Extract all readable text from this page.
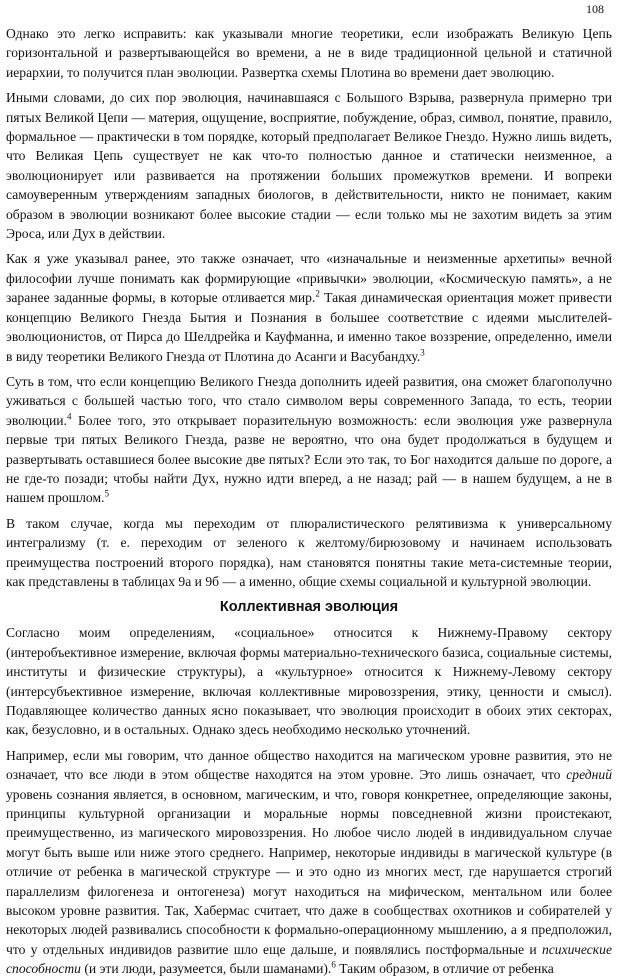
108

Однако это легко исправить: как указывали многие теоретики, если изображать Великую Цепь горизонтальной и развертывающейся во времени, а не в виде традиционной цельной и статичной иерархии, то получится план эволюции. Развертка схемы Плотина во времени дает эволюцию.

Иными словами, до сих пор эволюция, начинавшаяся с Большого Взрыва, развернула примерно три пятых Великой Цепи — материя, ощущение, восприятие, побуждение, образ, символ, понятие, правило, формальное — практически в том порядке, который предполагает Великое Гнездо. Нужно лишь видеть, что Великая Цепь существует не как что-то полностью данное и статически неизменное, а эволюционирует или развивается на протяжении больших промежутков времени. И вопреки самоуверенным утверждениям западных биологов, в действительности, никто не понимает, каким образом в эволюции возникают более высокие стадии — если только мы не захотим видеть за этим Эроса, или Дух в действии.

Как я уже указывал ранее, это также означает, что «изначальные и неизменные архетипы» вечной философии лучше понимать как формирующие «привычки» эволюции, «Космическую память», а не заранее заданные формы, в которые отливается мир.$^2$ Такая динамическая ориентация может привести концепцию Великого Гнезда Бытия и Познания в большее соответствие с идеями мыслителей-эволюционистов, от Пирса до Шелдрейка и Кауфманна, и именно такое воззрение, определенно, имели в виду теоретики Великого Гнезда от Плотина до Асанги и Васубандху.$^3$

Суть в том, что если концепцию Великого Гнезда дополнить идеей развития, она сможет благополучно уживаться с большей частью того, что стало символом веры современного Запада, то есть, теории эволюции.$^4$ Более того, это открывает поразительную возможность: если эволюция уже развернула первые три пятых Великого Гнезда, разве не вероятно, что она будет продолжаться в будущем и развертывать оставшиеся более высокие две пятых? Если это так, то Бог находится дальше по дороге, а не где-то позади; чтобы найти Дух, нужно идти вперед, а не назад; рай — в нашем будущем, а не в нашем прошлом.$^5$

В таком случае, когда мы переходим от плюралистического релятивизма к универсальному интегрализму (т. е. переходим от зеленого к желтому/бирюзовому и начинаем использовать преимущества построений второго порядка), нам становятся понятны такие мета-системные теории, как представлены в таблицах 9а и 9б — а именно, общие схемы социальной и культурной эволюции.

Коллективная эволюция

Согласно моим определениям, «социальное» относится к Нижнему-Правому сектору (интеробъективное измерение, включая формы материально-технического базиса, социальные системы, институты и физические структуры), а «культурное» относится к Нижнему-Левому сектору (интерсубъективное измерение, включая коллективные мировоззрения, этику, ценности и смысл). Подавляющее количество данных ясно показывает, что эволюция происходит в обоих этих секторах, как, безусловно, и в остальных. Однако здесь необходимо несколько уточнений.

Например, если мы говорим, что данное общество находится на магическом уровне развития, это не означает, что все люди в этом обществе находятся на этом уровне. Это лишь означает, что средний уровень сознания является, в основном, магическим, и что, говоря конкретнее, определяющие законы, принципы культурной организации и моральные нормы повседневной жизни проистекают, преимущественно, из магического мировоззрения. Но любое число людей в индивидуальном случае могут быть выше или ниже этого среднего. Например, некоторые индивиды в магической культуре (в отличие от ребенка в магической структуре — и это одно из многих мест, где нарушается строгий параллелизм филогенеза и онтогенеза) могут находиться на мифическом, ментальном или более высоком уровне развития. Так, Хабермас считает, что даже в сообществах охотников и собирателей у некоторых людей развивались способности к формально-операционному мышлению, а я предположил, что у отдельных индивидов развитие шло еще дальше, и появлялись постформальные и психические способности (и эти люди, разумеется, были шаманами).$^6$ Таким образом, в отличие от ребенка
